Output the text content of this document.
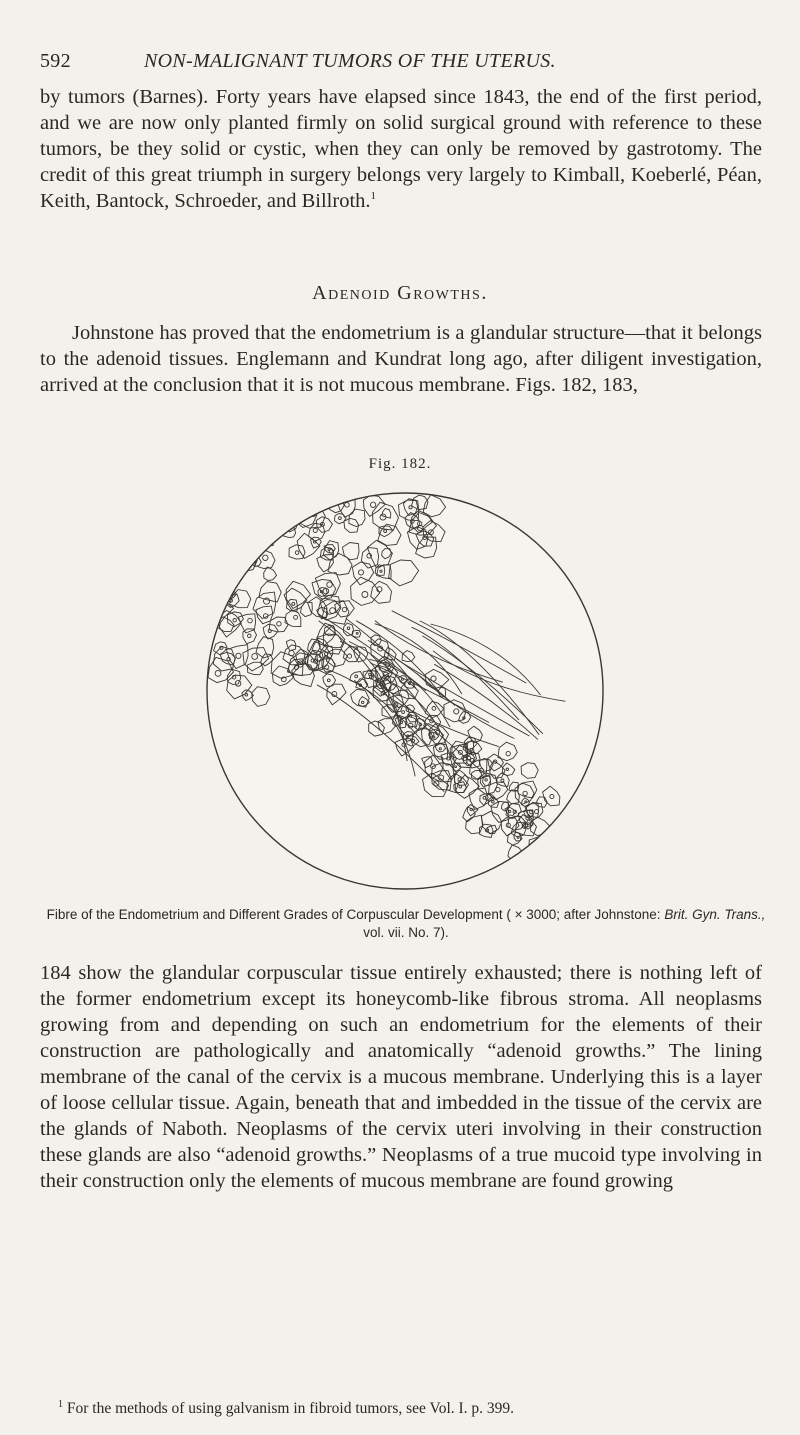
592	NON-MALIGNANT TUMORS OF THE UTERUS.

by tumors (Barnes). Forty years have elapsed since 1843, the end of the first period, and we are now only planted firmly on solid surgical ground with reference to these tumors, be they solid or cystic, when they can only be removed by gastrotomy. The credit of this great triumph in surgery belongs very largely to Kimball, Koeberlé, Péan, Keith, Bantock, Schroeder, and Billroth.$^1$

Adenoid Growths.

Johnstone has proved that the endometrium is a glandular structure—that it belongs to the adenoid tissues. Englemann and Kundrat long ago, after diligent investigation, arrived at the conclusion that it is not mucous membrane. Figs. 182, 183,

Fig. 182.
Fibre of the Endometrium and Different Grades of Corpuscular Development ( × 3000; after Johnstone: Brit. Gyn. Trans., vol. vii. No. 7).

184 show the glandular corpuscular tissue entirely exhausted; there is nothing left of the former endometrium except its honeycomb-like fibrous stroma. All neoplasms growing from and depending on such an endometrium for the elements of their construction are pathologically and anatomically “adenoid growths.” The lining membrane of the canal of the cervix is a mucous membrane. Underlying this is a layer of loose cellular tissue. Again, beneath that and imbedded in the tissue of the cervix are the glands of Naboth. Neoplasms of the cervix uteri involving in their construction these glands are also “adenoid growths.” Neoplasms of a true mucoid type involving in their construction only the elements of mucous membrane are found growing

$^1$ For the methods of using galvanism in fibroid tumors, see Vol. I. p. 399.
